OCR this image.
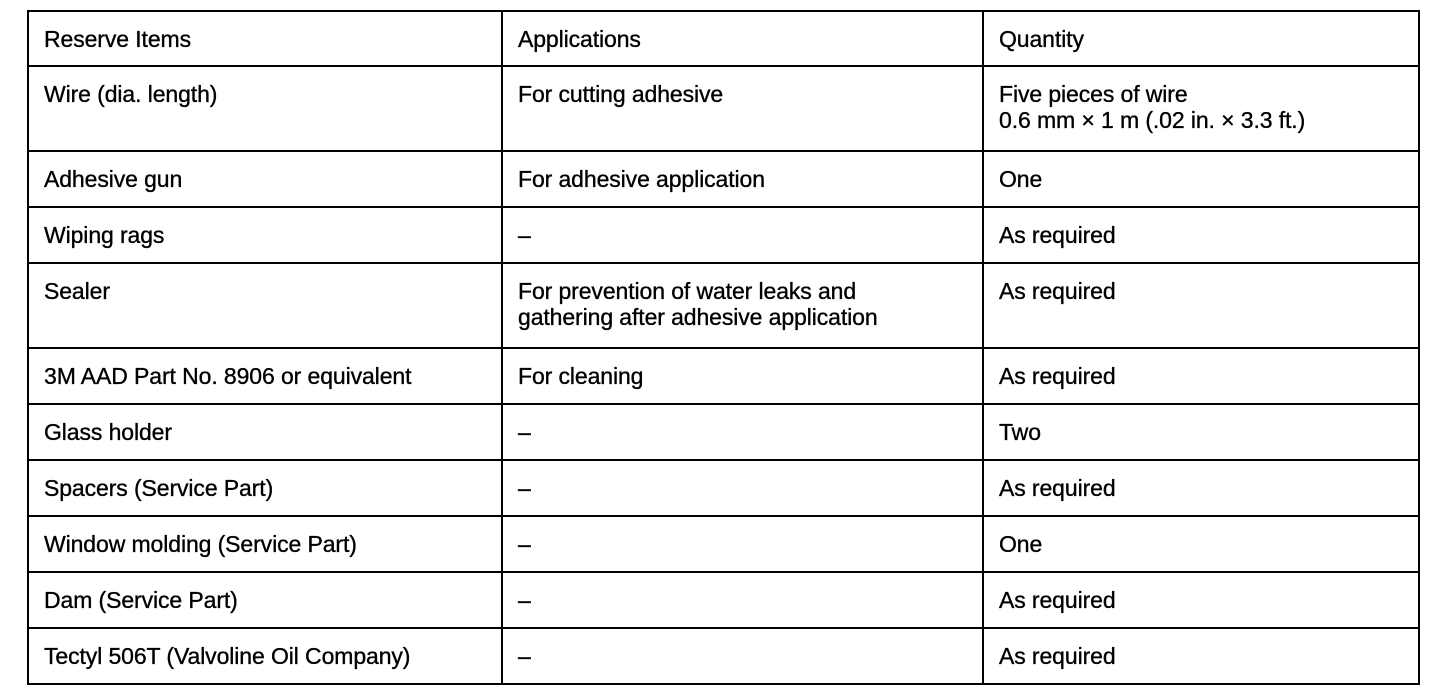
Reserve Items	Applications	Quantity
Wire (dia. length)	For cutting adhesive	Five pieces of wire
0.6 mm × 1 m (.02 in. × 3.3 ft.)

Adhesive gun	For adhesive application	One
Wiping rags	–	As required
Sealer	For prevention of water leaks and
gathering after adhesive application	As required
3M AAD Part No. 8906 or equivalent	For cleaning	As required
Glass holder	–	Two
Spacers (Service Part)	–	As required
Window molding (Service Part)	–	One
Dam (Service Part)	–	As required
Tectyl 506T (Valvoline Oil Company)	–	As required
